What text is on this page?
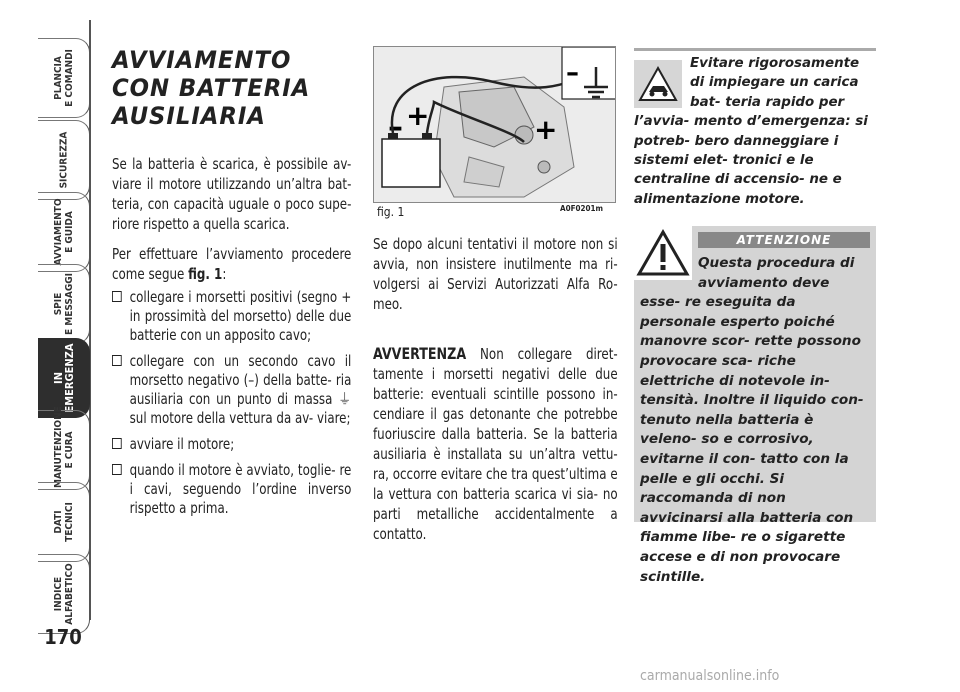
PLANCIA
E COMANDI
SICUREZZA
AVVIAMENTO
E GUIDA
SPIE
E MESSAGGI
IN
EMERGENZA
MANUTENZIONE
E CURA
DATI
TECNICI
INDICE
ALFABETICO
170
AVVIAMENTO
CON BATTERIA
AUSILIARIA
Se la batteria è scarica, è possibile av- viare il motore utilizzando un’altra bat- teria, con capacità uguale o poco supe- riore rispetto a quella scarica.
Per effettuare l’avviamento procedere come segue fig. 1:
collegare i morsetti positivi (segno + in prossimità del morsetto) delle due batterie con un apposito cavo;
collegare con un secondo cavo il morsetto negativo (–) della batte- ria ausiliaria con un punto di massa ⏚ sul motore della vettura da av- viare;
avviare il motore;
quando il motore è avviato, toglie- re i cavi, seguendo l’ordine inverso rispetto a prima.
– +	+
–
fig. 1	A0F0201m
Se dopo alcuni tentativi il motore non si avvia, non insistere inutilmente ma ri- volgersi ai Servizi Autorizzati Alfa Ro- meo.
AVVERTENZA Non collegare diret- tamente i morsetti negativi delle due batterie: eventuali scintille possono in- cendiare il gas detonante che potrebbe fuoriuscire dalla batteria. Se la batteria ausiliaria è installata su un’altra vettu- ra, occorre evitare che tra quest’ultima e la vettura con batteria scarica vi sia- no parti metalliche accidentalmente a contatto.
Evitare rigorosamente di impiegare un carica bat- teria rapido per l’avvia- mento d’emergenza: si potreb- bero danneggiare i sistemi elet- tronici e le centraline di accensio- ne e alimentazione motore.
ATTENZIONE
Questa procedura di avviamento deve esse- re eseguita da personale esperto poiché manovre scor- rette possono provocare sca- riche elettriche di notevole in- tensità. Inoltre il liquido con- tenuto nella batteria è veleno- so e corrosivo, evitarne il con- tatto con la pelle e gli occhi. Si raccomanda di non avvicinarsi alla batteria con fiamme libe- re o sigarette accese e di non provocare scintille.
carmanualsonline.info
